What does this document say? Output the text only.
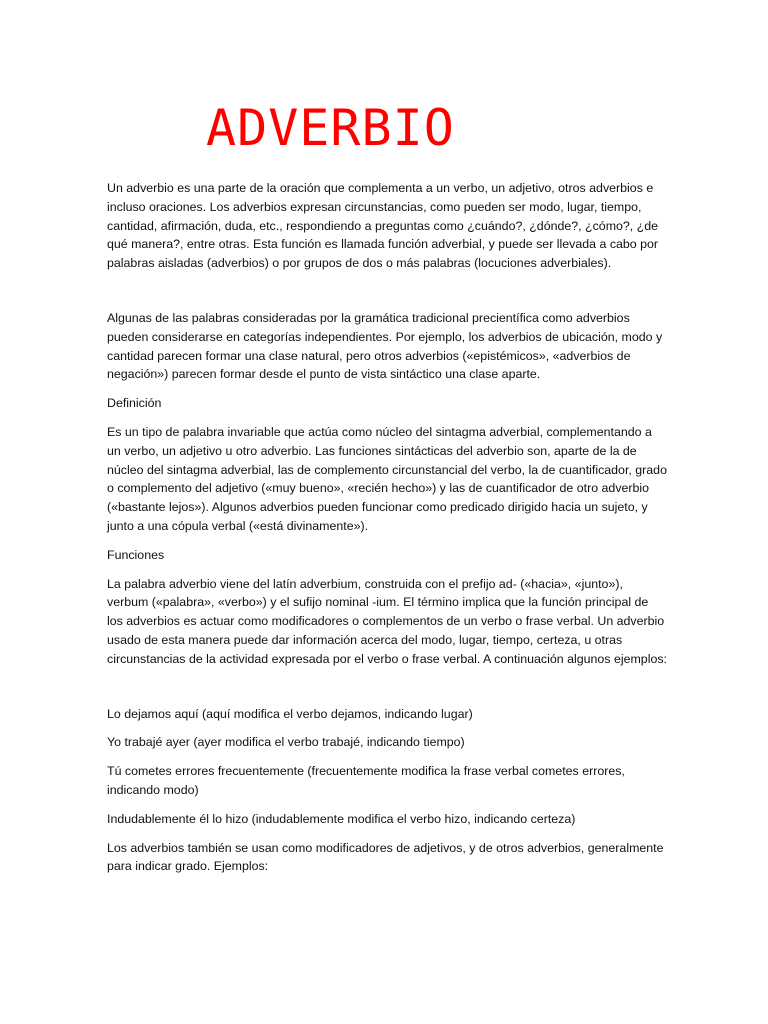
ADVERBIO

Un adverbio es una parte de la oración que complementa a un verbo, un adjetivo, otros adverbios e incluso oraciones. Los adverbios expresan circunstancias, como pueden ser modo, lugar, tiempo, cantidad, afirmación, duda, etc., respondiendo a preguntas como ¿cuándo?, ¿dónde?, ¿cómo?, ¿de qué manera?, entre otras. Esta función es llamada función adverbial, y puede ser llevada a cabo por palabras aisladas (adverbios) o por grupos de dos o más palabras (locuciones adverbiales).

Algunas de las palabras consideradas por la gramática tradicional precientífica como adverbios pueden considerarse en categorías independientes. Por ejemplo, los adverbios de ubicación, modo y cantidad parecen formar una clase natural, pero otros adverbios («epistémicos», «adverbios de negación») parecen formar desde el punto de vista sintáctico una clase aparte.

Definición

Es un tipo de palabra invariable que actúa como núcleo del sintagma adverbial, complementando a un verbo, un adjetivo u otro adverbio. Las funciones sintácticas del adverbio son, aparte de la de núcleo del sintagma adverbial, las de complemento circunstancial del verbo, la de cuantificador, grado o complemento del adjetivo («muy bueno», «recién hecho») y las de cuantificador de otro adverbio («bastante lejos»). Algunos adverbios pueden funcionar como predicado dirigido hacia un sujeto, y junto a una cópula verbal («está divinamente»).

Funciones

La palabra adverbio viene del latín adverbium, construida con el prefijo ad- («hacia», «junto»), verbum («palabra», «verbo») y el sufijo nominal -ium. El término implica que la función principal de los adverbios es actuar como modificadores o complementos de un verbo o frase verbal. Un adverbio usado de esta manera puede dar información acerca del modo, lugar, tiempo, certeza, u otras circunstancias de la actividad expresada por el verbo o frase verbal. A continuación algunos ejemplos:

Lo dejamos aquí (aquí modifica el verbo dejamos, indicando lugar)

Yo trabajé ayer (ayer modifica el verbo trabajé, indicando tiempo)

Tú cometes errores frecuentemente (frecuentemente modifica la frase verbal cometes errores, indicando modo)

Indudablemente él lo hizo (indudablemente modifica el verbo hizo, indicando certeza)

Los adverbios también se usan como modificadores de adjetivos, y de otros adverbios, generalmente para indicar grado. Ejemplos:
